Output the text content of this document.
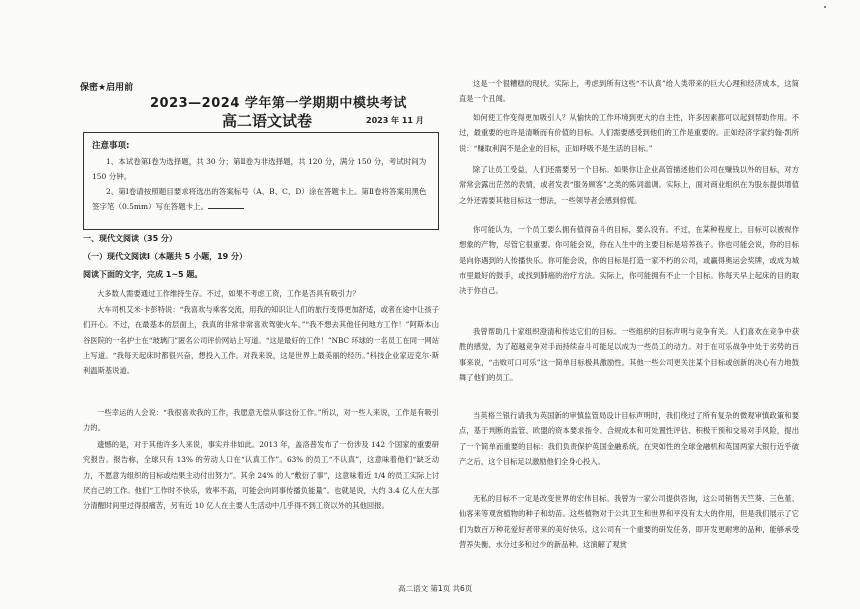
保密★启用前
2023—2024 学年第一学期期中模块考试
高二语文试卷	2023 年 11 月
注意事项:

1、本试卷第Ⅰ卷为选择题，共 30 分；第Ⅱ卷为非选择题，共 120 分，满分 150 分，考试时间为 150 分钟。

2、第Ⅰ卷请按照题目要求将选出的答案标号（A、B、C、D）涂在答题卡上。第Ⅱ卷将答案用黑色签字笔（0.5mm）写在答题卡上。

一、现代文阅读（35 分）
（一）现代文阅读Ⅰ（本题共 5 小题，19 分）
阅读下面的文字，完成 1~5 题。

大多数人需要通过工作维持生存。不过，如果不考虑工资，工作是否具有吸引力？

大车司机艾米·卡彭特说：“我喜欢与乘客交流，用我的知识让人们的旅行变得更加舒适，或者在途中让孩子们开心。不过，在最基本的层面上，我真的非常非常喜欢驾驶火车。”“我不想去其他任何地方工作！”阿斯本山谷医院的一名护士在“玻璃门”匿名公司评价网站上写道。“这是最好的工作！”NBC 环球的一名员工在同一网站上写道。“我每天起床时都很兴奋，想投入工作。对我来说，这是世界上最美丽的经历。”科技企业家迈克尔·斯利温斯基说道。

一些幸运的人会说：“我很喜欢我的工作，我愿意无偿从事这份工作。”所以，对一些人来说，工作是有吸引力的。

遗憾的是，对于其他许多人来说，事实并非如此。2013 年，盖洛普发布了一份涉及 142 个国家的重要研究报告。报告称，全球只有 13% 的劳动人口在“认真工作”。63% 的员工“不认真”，这意味着他们“缺乏动力，不愿意为组织的目标或结果主动付出努力”。其余 24% 的人“敷衍了事”，这意味着近 1/4 的员工实际上讨厌自己的工作。他们“工作时不快乐，效率不高，可能会向同事传播负能量”。也就是说，大约 3.4 亿人在大部分清醒时间里过得很痛苦，另有近 10 亿人在主要人生活动中几乎得不到工资以外的其他回报。

这是一个很糟糕的现状。实际上，考虑到所有这些“不认真”给人类带来的巨大心理和经济成本，这简直是一个丑闻。

如何使工作变得更加吸引人？从愉快的工作环境到更大的自主性，许多因素都可以起到帮助作用。不过，最重要的也许是清晰而有价值的目标。人们需要感受到他们的工作是重要的。正如经济学家约翰·凯所说：“赚取利润不是企业的目标，正如呼吸不是生活的目标。”

除了让员工受益，人们还需要另一个目标。如果你让企业高管描述他们公司在赚钱以外的目标，对方常常会露出茫然的表情，或者发表“服务顾客”之类的陈词滥调。实际上，面对商业组织在为股东提供增值之外还需要其他目标这一想法，一些领导者会感到惊慌。

你可能认为，一个员工要么拥有值得奋斗的目标，要么没有。不过，在某种程度上，目标可以被视作想象的产物，尽管它很重要。你可能会说，你在人生中的主要目标是培养孩子。你也可能会说，你的目标是向你遇到的人传播快乐。你可能会说，你的目标是打造一家不朽的公司，或赢得奥运会奖牌，或成为城市里最好的鼓手，或找到肺癌的治疗方法。实际上，你可能拥有不止一个目标。你每天早上起床的目的取决于你自己。

我曾帮助几十家组织澄清和传达它们的目标。一些组织的目标声明与竞争有关。人们喜欢在竞争中获胜的感觉，为了超越竞争对手而持续奋斗可能足以成为一些员工的动力。对于在可乐战争中处于劣势的百事来说，“击败可口可乐”这一简单目标极具激励性。其他一些公司更关注某个目标或创新的决心有力地鼓舞了他们的员工。

当英格兰银行请我为英国新的审慎监管局设计目标声明时，我们绕过了所有复杂的微观审慎政策和要点，基于判断的监管、欧盟的资本要求指令、合规成本和可处置性评估、积极干预和交易对手风险，提出了一个简单而重要的目标：我们负责保护英国金融系统。在突如性的全球金融机和英国两家大银行近乎破产之后，这个目标足以激励他们全身心投入。

无私的目标不一定是改变世界的宏伟目标。我曾为一家公司提供咨询，这公司销售天竺葵、三色堇、仙客来等观赏植物的种子和幼苗。这些植物对于公共卫生和世界和平没有太大的作用，但是我们展示了它们为数百万种花爱好者带来的美好快乐。这公司有一个重要的研发任务，即开发更耐寒的品种，能够承受营养失衡、水分过多和过少的新品种。这演解了观赏

高二语文 第1页 共6页
